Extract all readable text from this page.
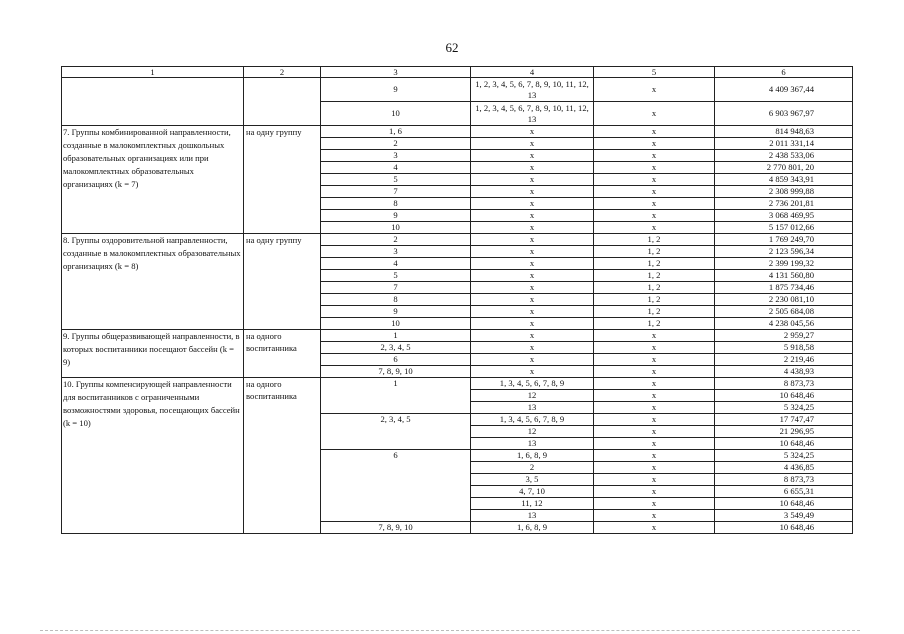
62
1	2	3	4	5	6
		9	1, 2, 3, 4, 5, 6, 7, 8, 9, 10, 11, 12, 13	x	4 409 367,44
		10	1, 2, 3, 4, 5, 6, 7, 8, 9, 10, 11, 12, 13	x	6 903 967,97
7. Группы комбинированной направленности, созданные в малокомплектных дошкольных образовательных организациях или при малокомплектных образовательных организациях (k = 7)	на одну группу	1, 6	x	x	814 948,63
		2	x	x	2 011 331,14
		3	x	x	2 438 533,06
		4	x	x	2 770 801, 20
		5	x	x	4 859 343,91
		7	x	x	2 308 999,88
		8	x	x	2 736 201,81
		9	x	x	3 068 469,95
		10	x	x	5 157 012,66
8. Группы оздоровительной направленности, созданные в малокомплектных образовательных организациях (k = 8)	на одну группу	2	x	1, 2	1 769 249,70
		3	x	1, 2	2 123 596,34
		4	x	1, 2	2 399 199,32
		5	x	1, 2	4 131 560,80
		7	x	1, 2	1 875 734,46
		8	x	1, 2	2 230 081,10
		9	x	1, 2	2 505 684,08
		10	x	1, 2	4 238 045,56
9. Группы общеразвивающей направленности, в которых воспитанники посещают бассейн (k = 9)	на одного воспитанника	1	x	x	2 959,27
		2, 3, 4, 5	x	x	5 918,58
		6	x	x	2 219,46
		7, 8, 9, 10	x	x	4 438,93
10. Группы компенсирующей направленности для воспитанников с ограниченными возможностями здоровья, посещающих бассейн (k = 10)	на одного воспитанника	1	1, 3, 4, 5, 6, 7, 8, 9	x	8 873,73
			12	x	10 648,46
			13	x	5 324,25
		2, 3, 4, 5	1, 3, 4, 5, 6, 7, 8, 9	x	17 747,47
			12	x	21 296,95
			13	x	10 648,46
		6	1, 6, 8, 9	x	5 324,25
			2	x	4 436,85
			3, 5	x	8 873,73
			4, 7, 10	x	6 655,31
			11, 12	x	10 648,46
			13	x	3 549,49
		7, 8, 9, 10	1, 6, 8, 9	x	10 648,46
